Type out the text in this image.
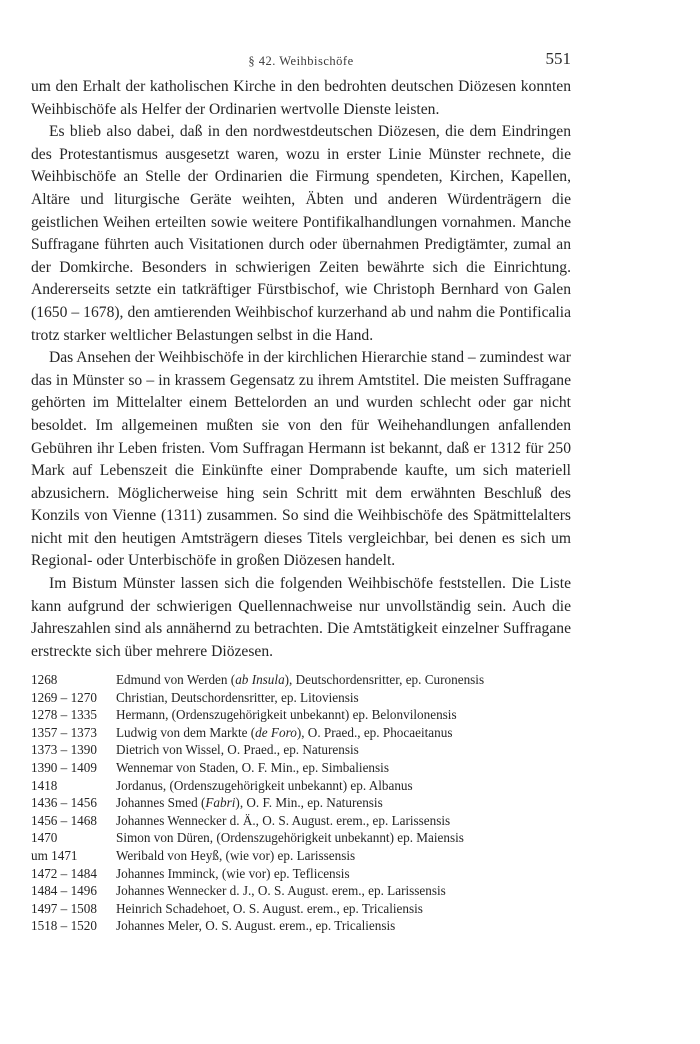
§ 42. Weihbischöfe	551

um den Erhalt der katholischen Kirche in den bedrohten deutschen Diözesen konnten Weihbischöfe als Helfer der Ordinarien wertvolle Dienste leisten.

Es blieb also dabei, daß in den nordwestdeutschen Diözesen, die dem Eindringen des Protestantismus ausgesetzt waren, wozu in erster Linie Münster rechnete, die Weihbischöfe an Stelle der Ordinarien die Firmung spendeten, Kirchen, Kapellen, Altäre und liturgische Geräte weihten, Äbten und anderen Würdenträgern die geistlichen Weihen erteilten sowie weitere Pontifikalhandlungen vornahmen. Manche Suffragane führten auch Visitationen durch oder übernahmen Predigtämter, zumal an der Domkirche. Besonders in schwierigen Zeiten bewährte sich die Einrichtung. Andererseits setzte ein tatkräftiger Fürstbischof, wie Christoph Bernhard von Galen (1650 – 1678), den amtierenden Weihbischof kurzerhand ab und nahm die Pontificalia trotz starker weltlicher Belastungen selbst in die Hand.

Das Ansehen der Weihbischöfe in der kirchlichen Hierarchie stand – zumindest war das in Münster so – in krassem Gegensatz zu ihrem Amtstitel. Die meisten Suffragane gehörten im Mittelalter einem Bettelorden an und wurden schlecht oder gar nicht besoldet. Im allgemeinen mußten sie von den für Weihehandlungen anfallenden Gebühren ihr Leben fristen. Vom Suffragan Hermann ist bekannt, daß er 1312 für 250 Mark auf Lebenszeit die Einkünfte einer Domprabende kaufte, um sich materiell abzusichern. Möglicherweise hing sein Schritt mit dem erwähnten Beschluß des Konzils von Vienne (1311) zusammen. So sind die Weihbischöfe des Spätmittelalters nicht mit den heutigen Amtsträgern dieses Titels vergleichbar, bei denen es sich um Regional- oder Unterbischöfe in großen Diözesen handelt.

Im Bistum Münster lassen sich die folgenden Weihbischöfe feststellen. Die Liste kann aufgrund der schwierigen Quellennachweise nur unvollständig sein. Auch die Jahreszahlen sind als annähernd zu betrachten. Die Amtstätigkeit einzelner Suffragane erstreckte sich über mehrere Diözesen.

1268	Edmund von Werden (ab Insula), Deutschordensritter, ep. Curonensis
1269 – 1270	Christian, Deutschordensritter, ep. Litoviensis
1278 – 1335	Hermann, (Ordenszugehörigkeit unbekannt) ep. Belonvilonensis
1357 – 1373	Ludwig von dem Markte (de Foro), O. Praed., ep. Phocaeitanus
1373 – 1390	Dietrich von Wissel, O. Praed., ep. Naturensis
1390 – 1409	Wennemar von Staden, O. F. Min., ep. Simbaliensis
1418	Jordanus, (Ordenszugehörigkeit unbekannt) ep. Albanus
1436 – 1456	Johannes Smed (Fabri), O. F. Min., ep. Naturensis
1456 – 1468	Johannes Wennecker d. Ä., O. S. August. erem., ep. Larissensis
1470	Simon von Düren, (Ordenszugehörigkeit unbekannt) ep. Maiensis
um 1471	Weribald von Heyß, (wie vor) ep. Larissensis
1472 – 1484	Johannes Imminck, (wie vor) ep. Teflicensis
1484 – 1496	Johannes Wennecker d. J., O. S. August. erem., ep. Larissensis
1497 – 1508	Heinrich Schadehoet, O. S. August. erem., ep. Tricaliensis
1518 – 1520	Johannes Meler, O. S. August. erem., ep. Tricaliensis
